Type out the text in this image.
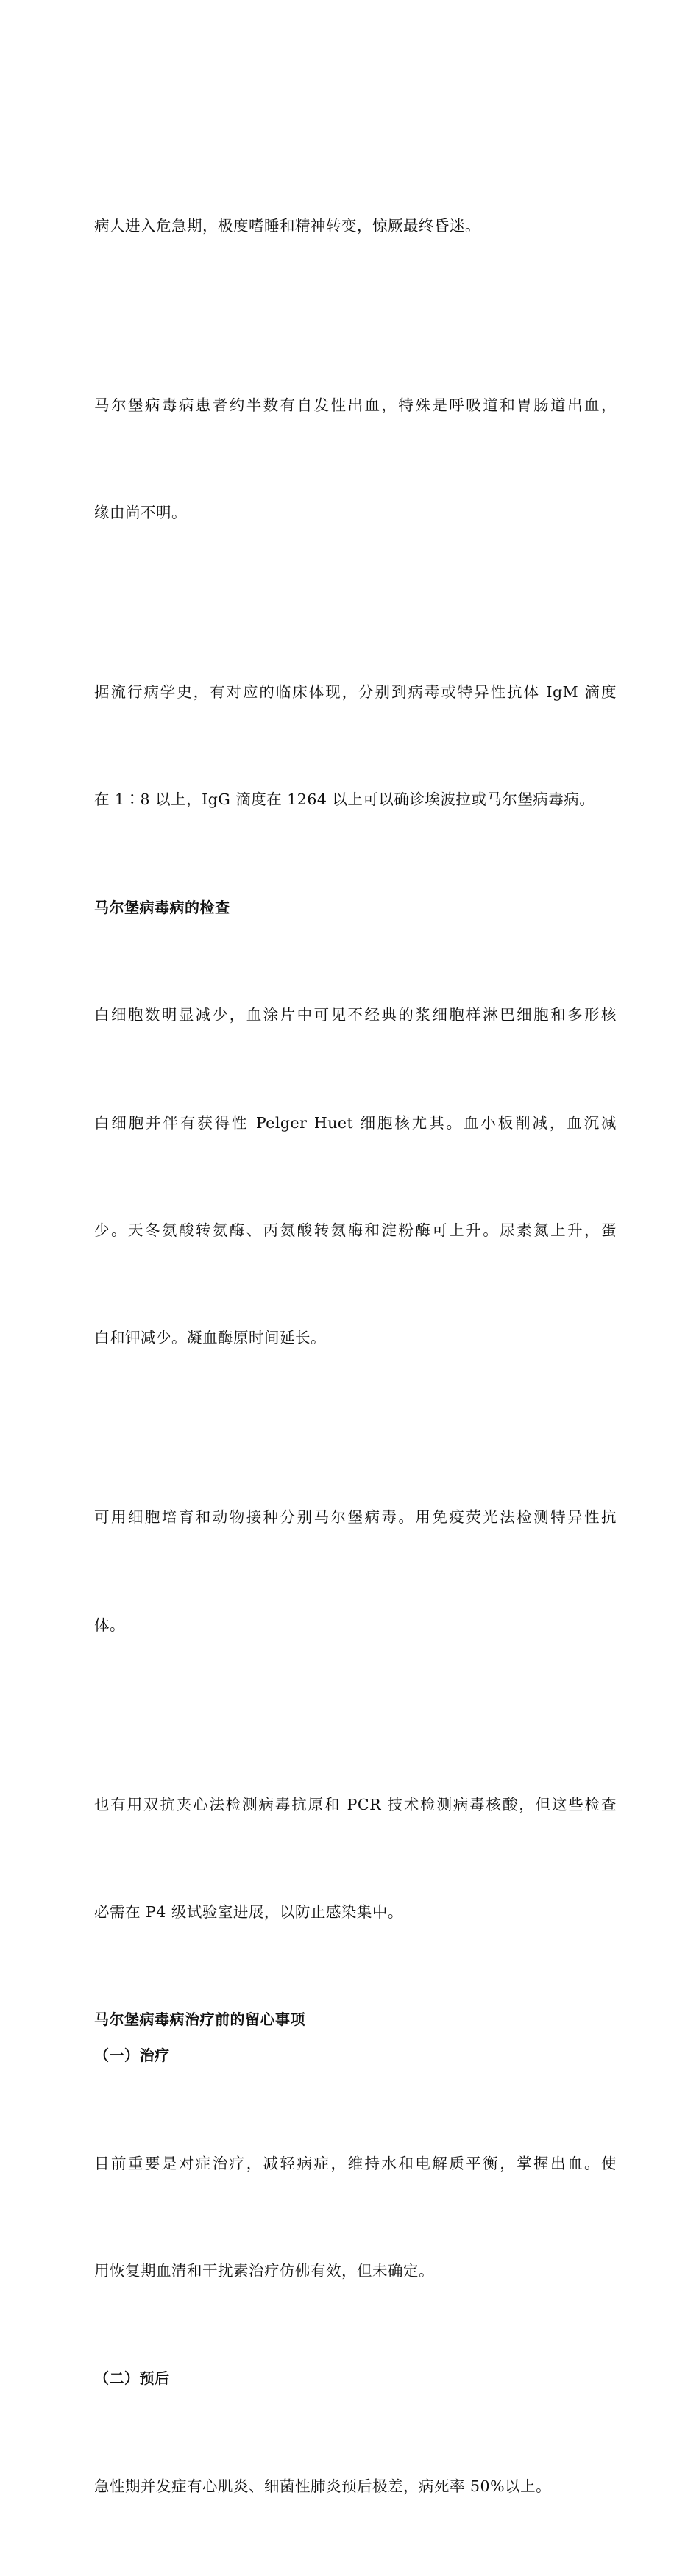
病人进入危急期，极度嗜睡和精神转变，惊厥最终昏迷。

马尔堡病毒病患者约半数有自发性出血，特殊是呼吸道和胃肠道出血，

缘由尚不明。

据流行病学史，有对应的临床体现，分别到病毒或特异性抗体 IgM 滴度

在 1∶8 以上，IgG 滴度在 1264 以上可以确诊埃波拉或马尔堡病毒病。

马尔堡病毒病的检查

白细胞数明显减少，血涂片中可见不经典的浆细胞样淋巴细胞和多形核

白细胞并伴有获得性 Pelger Huet 细胞核尤其。血小板削减，血沉减

少。天冬氨酸转氨酶、丙氨酸转氨酶和淀粉酶可上升。尿素氮上升，蛋

白和钾减少。凝血酶原时间延长。

可用细胞培育和动物接种分别马尔堡病毒。用免疫荧光法检测特异性抗

体。

也有用双抗夹心法检测病毒抗原和 PCR 技术检测病毒核酸，但这些检查

必需在 P4 级试验室进展，以防止感染集中。

马尔堡病毒病治疗前的留心事项
（一）治疗

目前重要是对症治疗，减轻病症，维持水和电解质平衡，掌握出血。使

用恢复期血清和干扰素治疗仿佛有效，但未确定。

（二）预后

急性期并发症有心肌炎、细菌性肺炎预后极差，病死率 50%以上。
